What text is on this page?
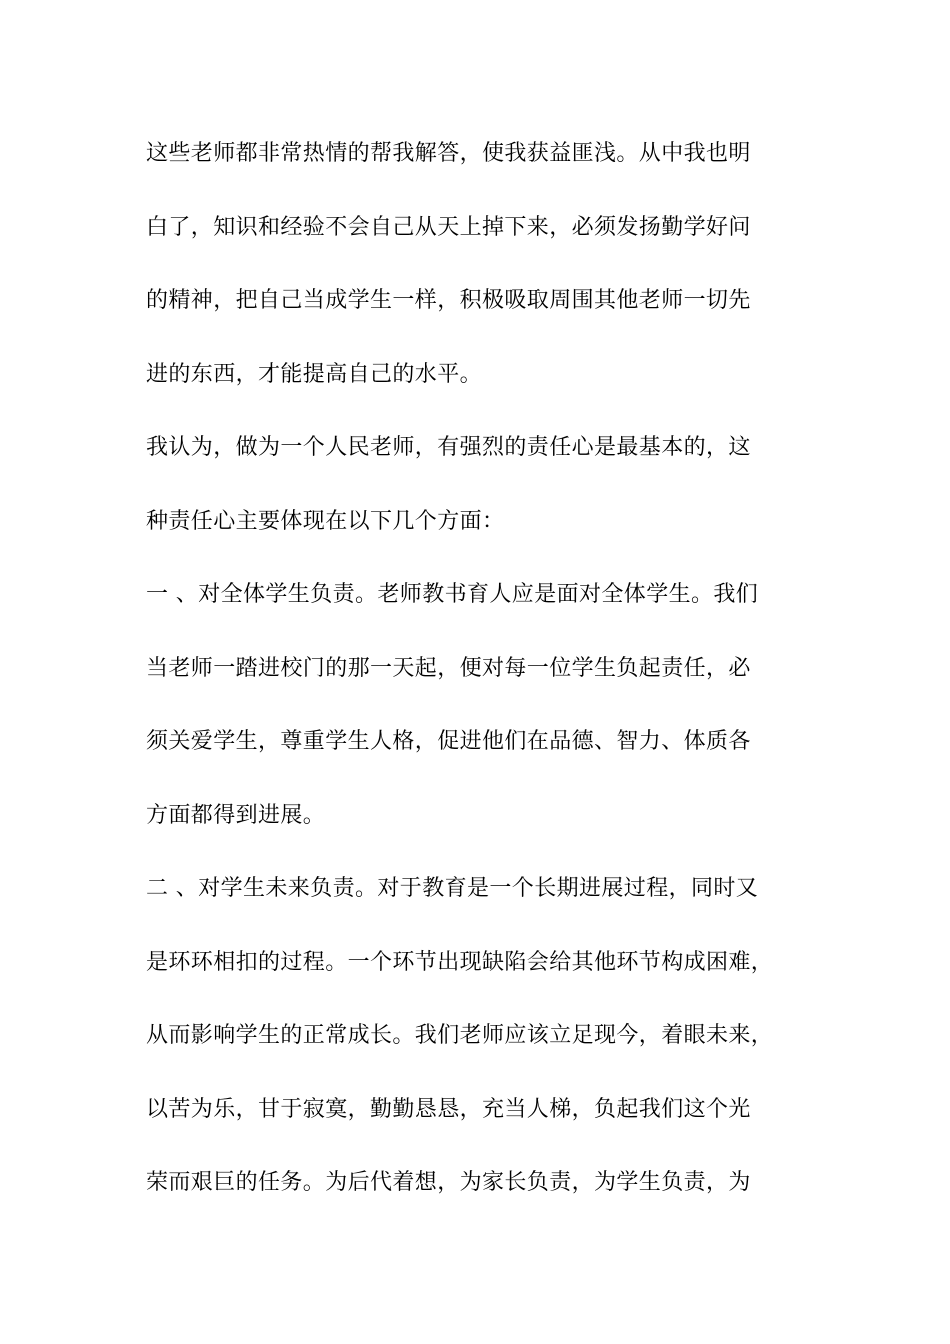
这些老师都非常热情的帮我解答，使我获益匪浅。从中我也明
白了，知识和经验不会自己从天上掉下来，必须发扬勤学好问
的精神，把自己当成学生一样，积极吸取周围其他老师一切先
进的东西，才能提高自己的水平。
我认为，做为一个人民老师，有强烈的责任心是最基本的，这
种责任心主要体现在以下几个方面：
一 、对全体学生负责。老师教书育人应是面对全体学生。我们
当老师一踏进校门的那一天起，便对每一位学生负起责任，必
须关爱学生，尊重学生人格，促进他们在品德、智力、体质各
方面都得到进展。
二 、对学生未来负责。对于教育是一个长期进展过程，同时又
是环环相扣的过程。一个环节出现缺陷会给其他环节构成困难，
从而影响学生的正常成长。我们老师应该立足现今，着眼未来，
以苦为乐，甘于寂寞，勤勤恳恳，充当人梯，负起我们这个光
荣而艰巨的任务。为后代着想，为家长负责，为学生负责，为
